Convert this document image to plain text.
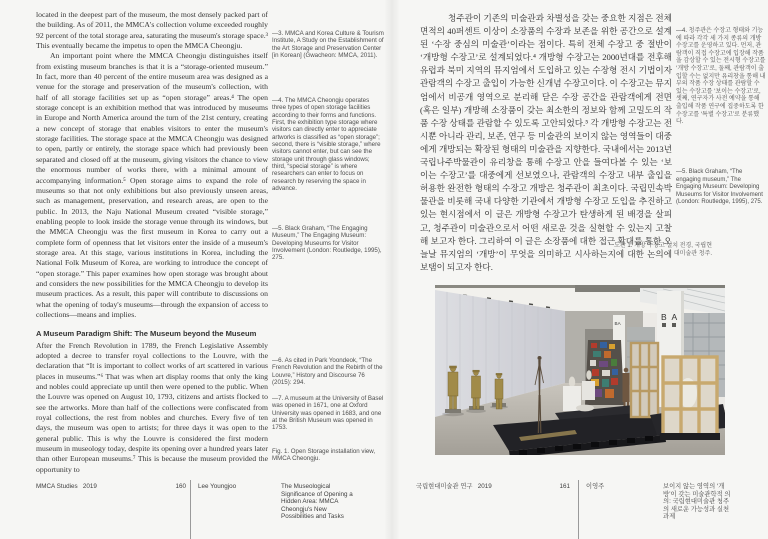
located in the deepest part of the museum, the most densely packed part of the building. As of 2011, the MMCA's collection volume exceeded roughly 92 percent of the total storage area, saturating the museum's storage space.³ This eventually became the impetus to open the MMCA Cheongju.

An important point where the MMCA Cheongju distinguishes itself from existing museum branches is that it is a “storage-oriented museum.” In fact, more than 40 percent of the entire museum area was designed as a venue for the storage and preservation of the museum's collection, with half of all storage facilities set up as “open storage” areas.⁴ The open storage concept is an exhibition method that was introduced by museums in Europe and North America around the turn of the 21st century, creating a new concept of storage that enables visitors to enter the museum's storage facilities. The storage space at the MMCA Cheongju was designed to open, partly or entirely, the storage space which had previously been separated and closed off at the museum, giving visitors the chance to view the enormous number of works there, with a minimal amount of accompanying information.⁵ Open storage aims to expand the role of museums so that not only exhibitions but also previously unseen areas, such as management, preservation, and research areas, are open to the public. In 2013, the Naju National Museum created “visible storage,” enabling people to look inside the storage venue through its windows, but the MMCA Cheongju was the first museum in Korea to carry out a complete form of openness that let visitors enter the inside of a museum's storage area. At this stage, various institutions in Korea, including the National Folk Museum of Korea, are working to introduce the concept of “open storage.” This paper examines how open storage was brought about and considers the new possibilities for the MMCA Cheongju to develop its museum practices. As a result, this paper will contribute to discussions on what the opening of today's museums—through the expansion of access to collections—means and implies.

A Museum Paradigm Shift: The Museum beyond the Museum

After the French Revolution in 1789, the French Legislative Assembly adopted a decree to transfer royal collections to the Louvre, with the declaration that “It is important to collect works of art scattered in various places in museums.”⁶ That was when art display rooms that only the king and nobles could appreciate up until then were opened to the public. When the Louvre was opened on August 10, 1793, citizens and artists flocked to see the artworks. More than half of the collections were confiscated from royal collections, the rest from nobles and churches. Every five of ten days, the museum was open to artists; for three days it was open to the general public. This is why the Louvre is considered the first modern museum in museology today, despite its opening over a hundred years later than other European museums.⁷ This is because the museum provided the opportunity to

—3. MMCA and Korea Culture & Tourism Institute, A Study on the Establishment of the Art Storage and Preservation Center [in Korean] (Gwacheon: MMCA, 2011).
—4. The MMCA Cheongju operates three types of open storage facilities according to their forms and functions. First, the exhibition type storage where visitors can directly enter to appreciate artworks is classified as “open storage”; second, there is “visible storage,” where visitors cannot enter, but can see the storage unit through glass windows; third, “special storage” is where researchers can enter to focus on research by reserving the space in advance.
—5. Black Graham, “The Engaging Museum,” The Engaging Museum: Developing Museums for Visitor Involvement (London: Routledge, 1995), 275.
—6. As cited in Park Yoondeok, “The French Revolution and the Rebirth of the Louvre,” History and Discourse 76 (2015): 294.
—7. A museum at the University of Basel was opened in 1671, one at Oxford University was opened in 1683, and one at the British Museum was opened in 1753.
Fig. 1. Open Storage installation view, MMCA Cheongju.
MMCA Studies 2019	160 Lee Youngjoo	The Museological Significance of Opening a Hidden Area: MMCA Cheongju's New Possibilities and Tasks

청주관이 기존의 미술관과 차별성을 갖는 중요한 지점은 전체 면적의 40퍼센트 이상이 소장품의 수장과 보존을 위한 공간으로 설계된 ‘수장 중심의 미술관’이라는 점이다. 특히 전체 수장고 중 절반이 ‘개방형 수장고’로 설계되었다.⁴ 개방형 수장고는 2000년대를 전후해 유럽과 북미 지역의 뮤지엄에서 도입하고 있는 수장형 전시 기법이자 관람객의 수장고 출입이 가능한 신개념 수장고이다. 이 수장고는 뮤지엄에서 비공개 영역으로 분리해 닫은 수장 공간을 관람객에게 전면(혹은 일부) 개방해 소장품이 갖는 최소한의 정보와 함께 고밀도의 작품 수장 상태를 관람할 수 있도록 고안되었다.⁵ 각 개방형 수장고는 전시뿐 아니라 관리, 보존, 연구 등 미술관의 보이지 않는 영역들이 대중에게 개방되는 확장된 형태의 미술관을 지향한다. 국내에서는 2013년 국립나주박물관이 유리창을 통해 수장고 안을 들여다볼 수 있는 ‘보이는 수장고’를 대중에게 선보였으나, 관람객의 수장고 내부 출입을 허용한 완전한 형태의 수장고 개방은 청주관이 최초이다. 국립민속박물관을 비롯해 국내 다양한 기관에서 개방형 수장고 도입을 추진하고 있는 현시점에서 이 글은 개방형 수장고가 탄생하게 된 배경을 살피고, 청주관이 미술관으로서 어떤 새로운 것을 실현할 수 있는지 고찰해 보고자 한다. 그리하여 이 글은 소장품에 대한 접근 확대를 통한 오늘날 뮤지엄의 ‘개방’이 무엇을 의미하고 시사하는지에 대한 논의에 보탬이 되고자 한다.

—4. 청주관은 수장고 형태와 기능에 따라 각각 세 가지 종류의 개방 수장고를 운영하고 있다. 먼저, 관람객이 직접 수장고에 입장해 작품을 감상할 수 있는 전시형 수장고를 ‘개방 수장고’로, 둘째, 관람객이 출입할 수는 없지만 유리창을 통해 내부의 작품 수장 상태를 관람할 수 있는 수장고를 ‘보이는 수장고’로, 셋째, 연구자가 사전 예약을 통해 출입해 작품 연구에 집중하도록 한 수장고를 ‘특별 수장고’로 분류했다.
—5. Black Graham, “The engaging museum,” The Engaging Museum: Developing Museums for Visitor Involvement (London: Routledge, 1995), 275.
도판 1. 개방 수장고 설치 전경, 국립현대미술관 청주.
BA
B A
국립현대미술관 연구 2019	161	이영주	보이지 않는 영역의 ‘개방’이 갖는 미술관학적 의의: 국립현대미술관 청주의 새로운 가능성과 실천 과제
